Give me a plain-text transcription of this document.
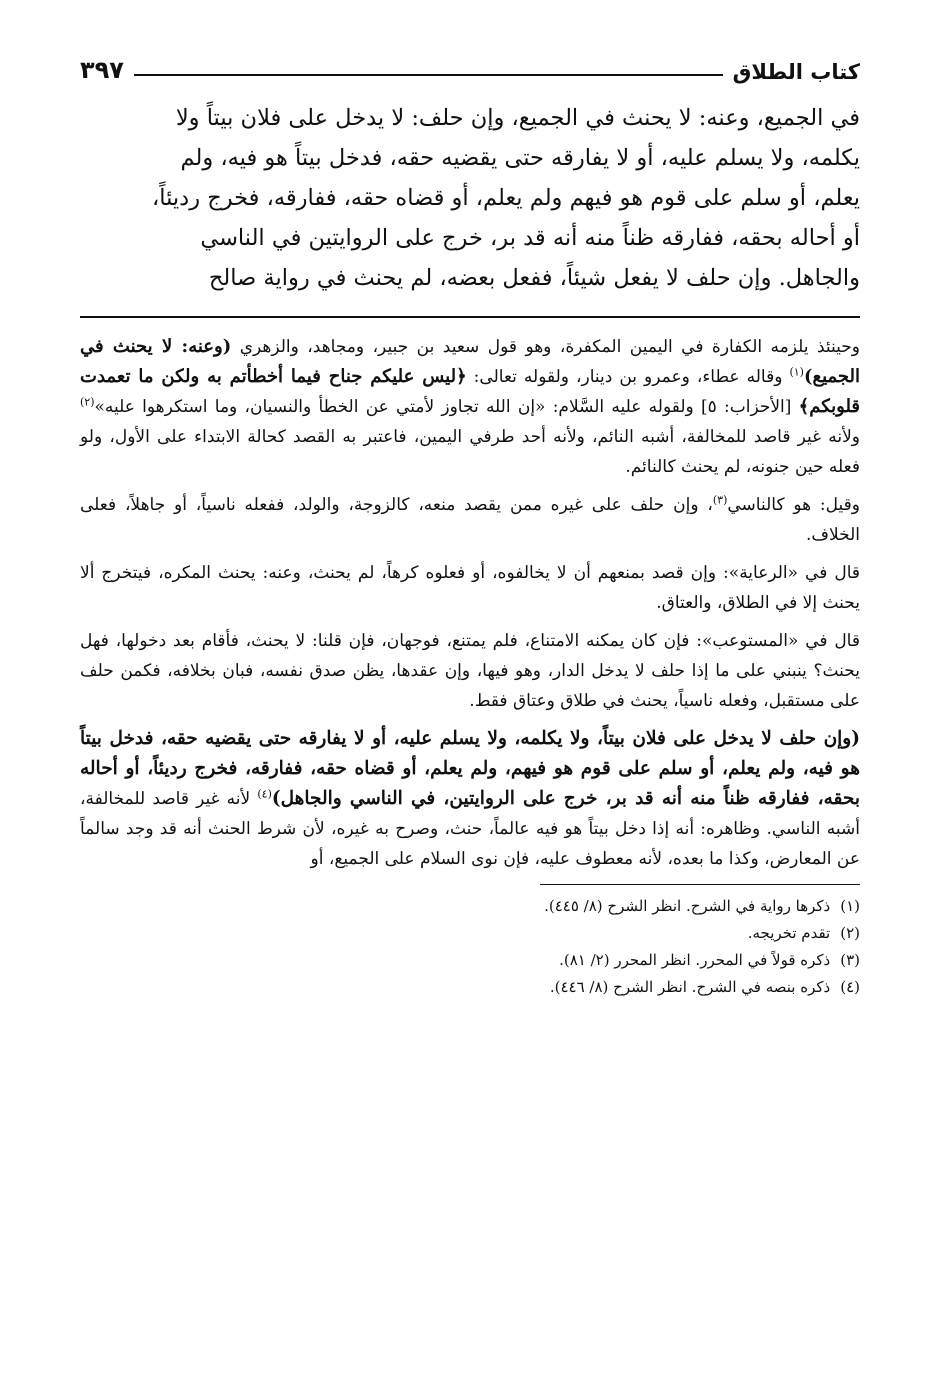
كتاب الطلاق
٣٩٧
في الجميع، وعنه: لا يحنث في الجميع، وإن حلف: لا يدخل على فلان بيتاً ولا
يكلمه، ولا يسلم عليه، أو لا يفارقه حتى يقضيه حقه، فدخل بيتاً هو فيه، ولم
يعلم، أو سلم على قوم هو فيهم ولم يعلم، أو قضاه حقه، ففارقه، فخرج رديئاً،
أو أحاله بحقه، ففارقه ظناً منه أنه قد بر، خرج على الروايتين في الناسي
والجاهل. وإن حلف لا يفعل شيئاً، ففعل بعضه، لم يحنث في رواية صالح

وحينئذ يلزمه الكفارة في اليمين المكفرة، وهو قول سعيد بن جبير، ومجاهد، والزهري (وعنه: لا يحنث في الجميع)$^{(١)}$ وقاله عطاء، وعمرو بن دينار، ولقوله تعالى: ﴿ليس عليكم جناح فيما أخطأتم به ولكن ما تعمدت قلوبكم﴾ [الأحزاب: ٥] ولقوله عليه السَّلام: «إن الله تجاوز لأمتي عن الخطأ والنسيان، وما استكرهوا عليه»$^{(٢)}$ ولأنه غير قاصد للمخالفة، أشبه النائم، ولأنه أحد طرفي اليمين، فاعتبر به القصد كحالة الابتداء على الأول، ولو فعله حين جنونه، لم يحنث كالنائم.

وقيل: هو كالناسي$^{(٣)}$، وإن حلف على غيره ممن يقصد منعه، كالزوجة، والولد، ففعله ناسياً، أو جاهلاً، فعلى الخلاف.

قال في «الرعاية»: وإن قصد بمنعهم أن لا يخالفوه، أو فعلوه كرهاً، لم يحنث، وعنه: يحنث المكره، فيتخرج ألا يحنث إلا في الطلاق، والعتاق.

قال في «المستوعب»: فإن كان يمكنه الامتناع، فلم يمتنع، فوجهان، فإن قلنا: لا يحنث، فأقام بعد دخولها، فهل يحنث؟ ينبني على ما إذا حلف لا يدخل الدار، وهو فيها، وإن عقدها، يظن صدق نفسه، فبان بخلافه، فكمن حلف على مستقبل، وفعله ناسياً، يحنث في طلاق وعتاق فقط.

(وإن حلف لا يدخل على فلان بيتاً، ولا يكلمه، ولا يسلم عليه، أو لا يفارقه حتى يقضيه حقه، فدخل بيتاً هو فيه، ولم يعلم، أو سلم على قوم هو فيهم، ولم يعلم، أو قضاه حقه، ففارقه، فخرج رديئاً، أو أحاله بحقه، ففارقه ظناً منه أنه قد بر، خرج على الروايتين، في الناسي والجاهل)$^{(٤)}$ لأنه غير قاصد للمخالفة، أشبه الناسي. وظاهره: أنه إذا دخل بيتاً هو فيه عالماً، حنث، وصرح به غيره، لأن شرط الحنث أنه قد وجد سالماً عن المعارض، وكذا ما بعده، لأنه معطوف عليه، فإن نوى السلام على الجميع، أو

(١)
ذكرها رواية في الشرح. انظر الشرح (٨/ ٤٤٥).
(٢)
تقدم تخريجه.
(٣)
ذكره قولاً في المحرر. انظر المحرر (٢/ ٨١).
(٤)
ذكره بنصه في الشرح. انظر الشرح (٨/ ٤٤٦).
